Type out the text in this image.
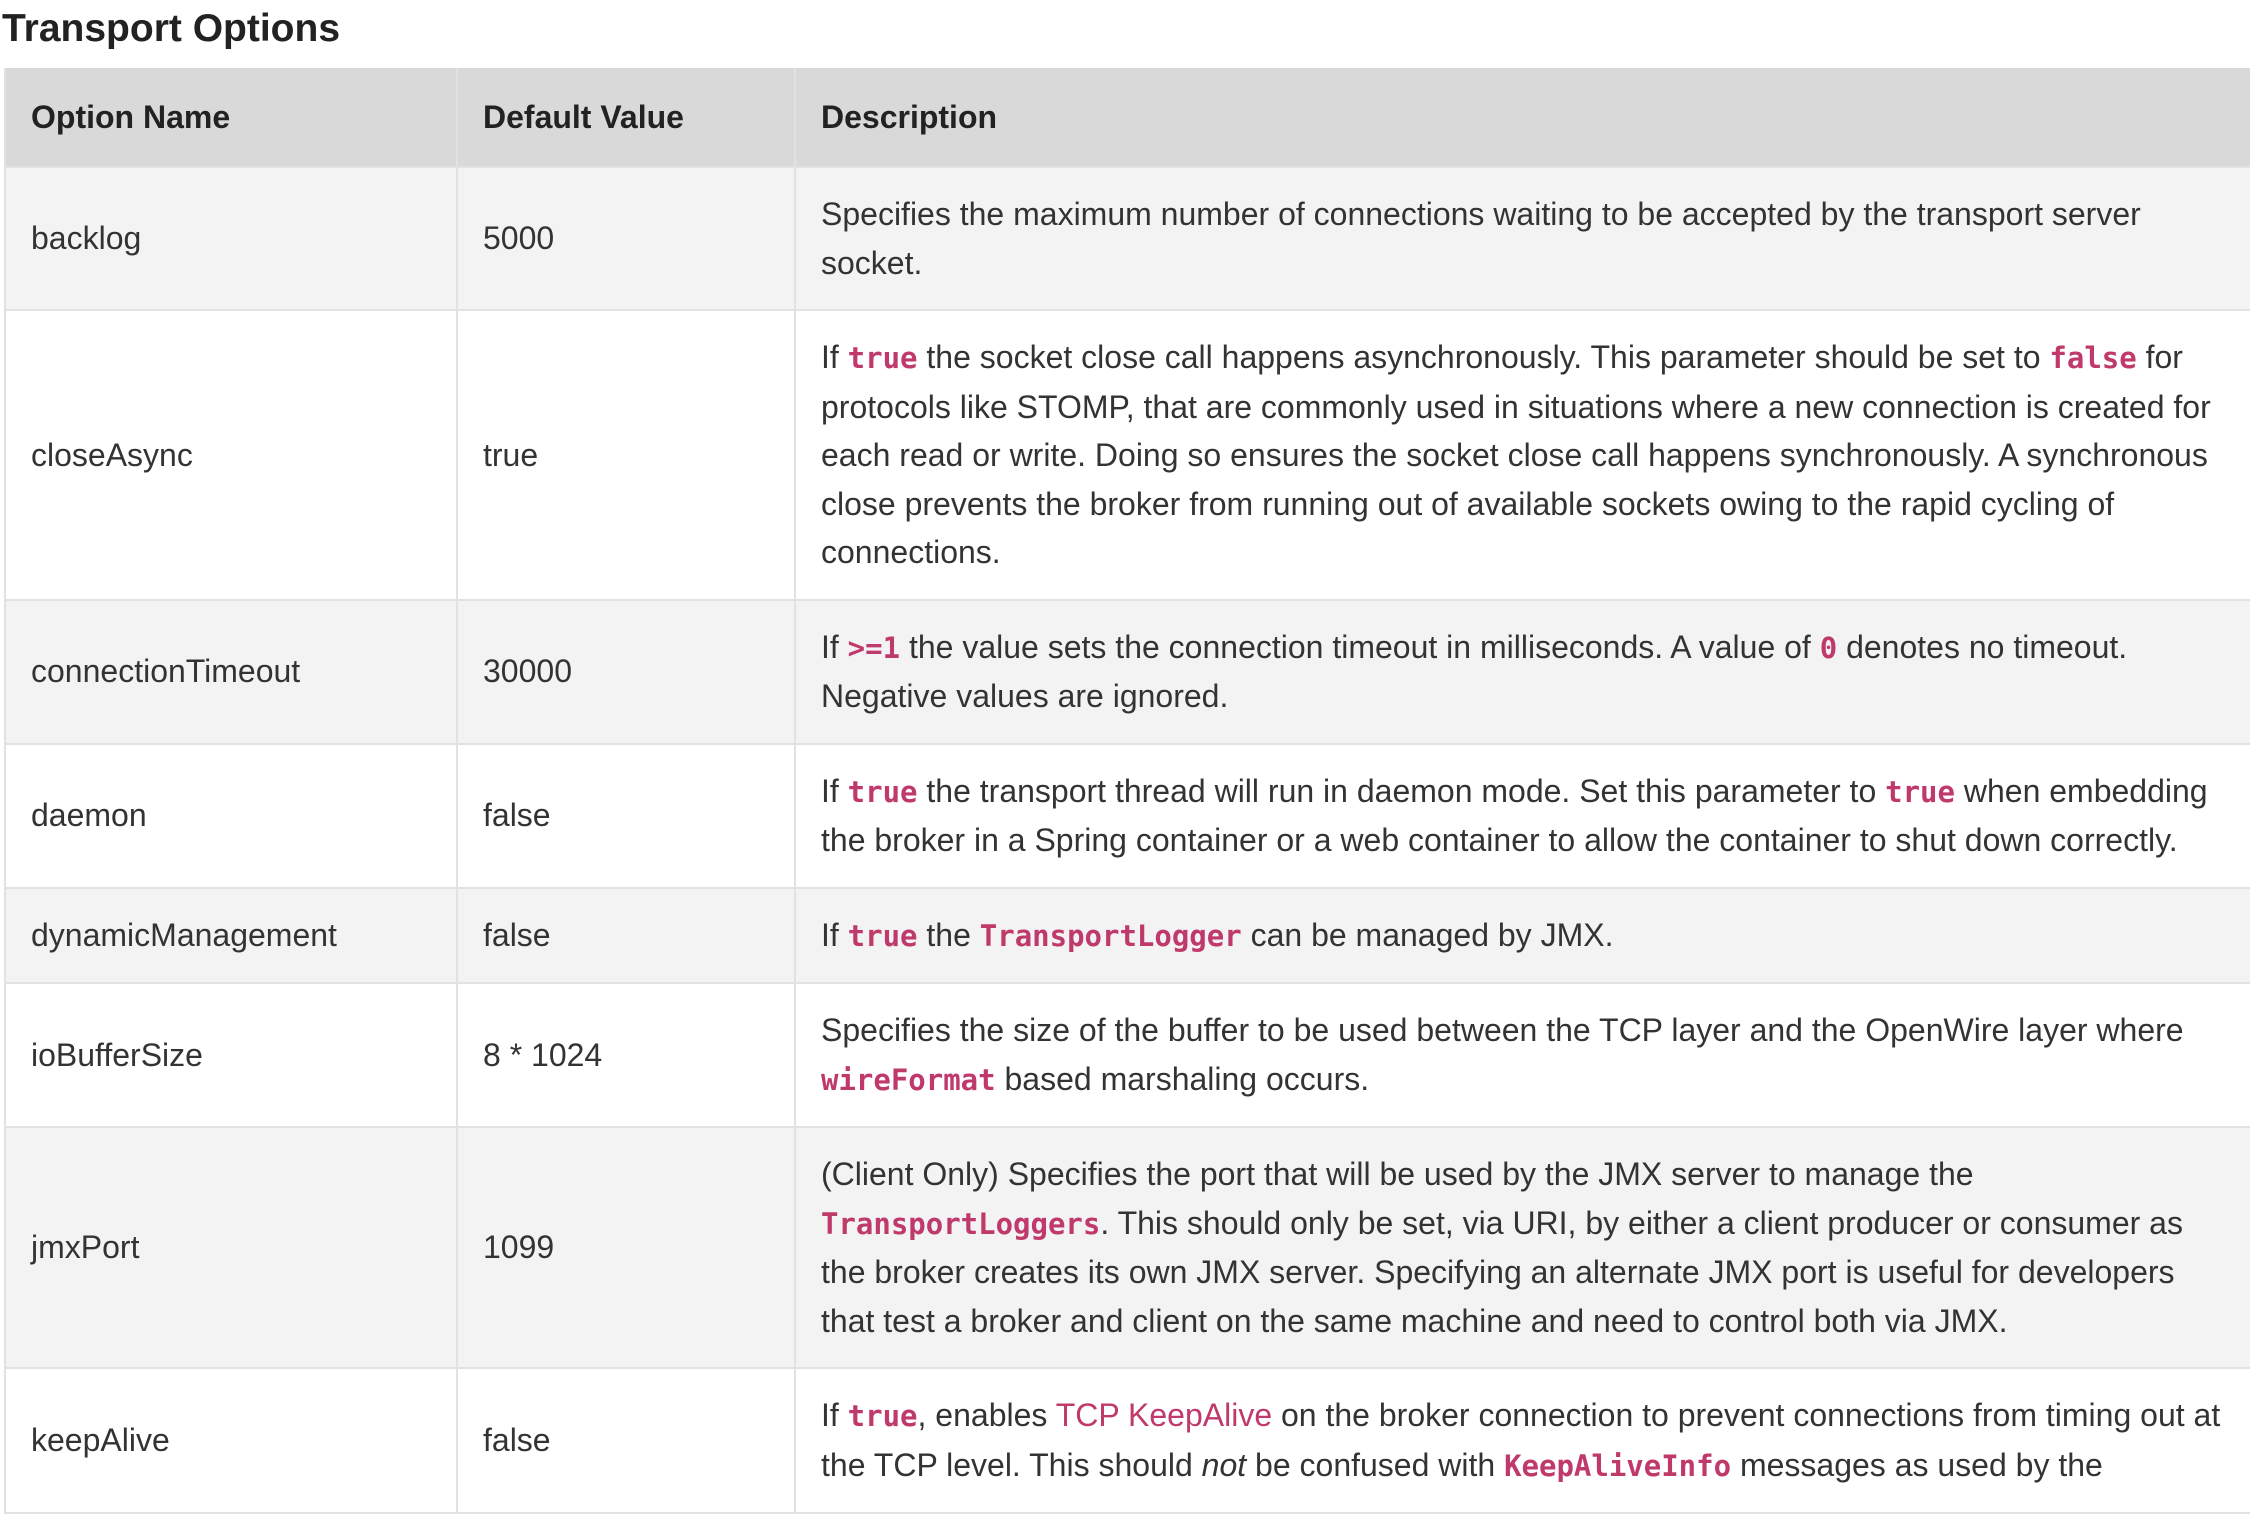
Transport Options
Option Name	Default Value	Description
backlog	5000	Specifies the maximum number of connections waiting to be accepted by the transport server socket.
closeAsync	true	If true the socket close call happens asynchronously. This parameter should be set to false for protocols like STOMP, that are commonly used in situations where a new connection is created for each read or write. Doing so ensures the socket close call happens synchronously. A synchronous close prevents the broker from running out of available sockets owing to the rapid cycling of connections.
connectionTimeout	30000	If >=1 the value sets the connection timeout in milliseconds. A value of 0 denotes no timeout. Negative values are ignored.
daemon	false	If true the transport thread will run in daemon mode. Set this parameter to true when embedding the broker in a Spring container or a web container to allow the container to shut down correctly.
dynamicManagement	false	If true the TransportLogger can be managed by JMX.
ioBufferSize	8 * 1024	Specifies the size of the buffer to be used between the TCP layer and the OpenWire layer where wireFormat based marshaling occurs.
jmxPort	1099	(Client Only) Specifies the port that will be used by the JMX server to manage the TransportLoggers. This should only be set, via URI, by either a client producer or consumer as the broker creates its own JMX server. Specifying an alternate JMX port is useful for developers that test a broker and client on the same machine and need to control both via JMX.
keepAlive	false	If true, enables TCP KeepAlive on the broker connection to prevent connections from timing out at the TCP level. This should not be confused with KeepAliveInfo messages as used by the
